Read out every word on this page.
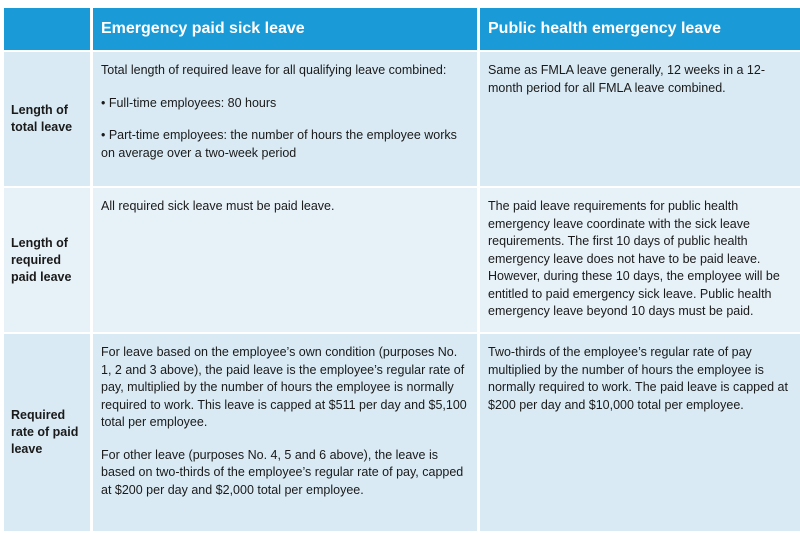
Emergency paid sick leave	Public health emergency leave
Length of total leave

Total length of required leave for all qualifying leave combined:

• Full-time employees: 80 hours

• Part-time employees: the number of hours the employee works on average over a two-week period

Same as FMLA leave generally, 12 weeks in a 12-month period for all FMLA leave combined.

Length of required paid leave

All required sick leave must be paid leave.	The paid leave requirements for public health emergency leave coordinate with the sick leave requirements. The first 10 days of public health emergency leave does not have to be paid leave. However, during these 10 days, the employee will be entitled to paid emergency sick leave. Public health emergency leave beyond 10 days must be paid.

Required rate of paid leave

For leave based on the employee’s own condition (purposes No. 1, 2 and 3 above), the paid leave is the employee’s regular rate of pay, multiplied by the number of hours the employee is normally required to work. This leave is capped at $511 per day and $5,100 total per employee.

For other leave (purposes No. 4, 5 and 6 above), the leave is based on two-thirds of the employee’s regular rate of pay, capped at $200 per day and $2,000 total per employee.

Two-thirds of the employee’s regular rate of pay multiplied by the number of hours the employee is normally required to work. The paid leave is capped at $200 per day and $10,000 total per employee.
